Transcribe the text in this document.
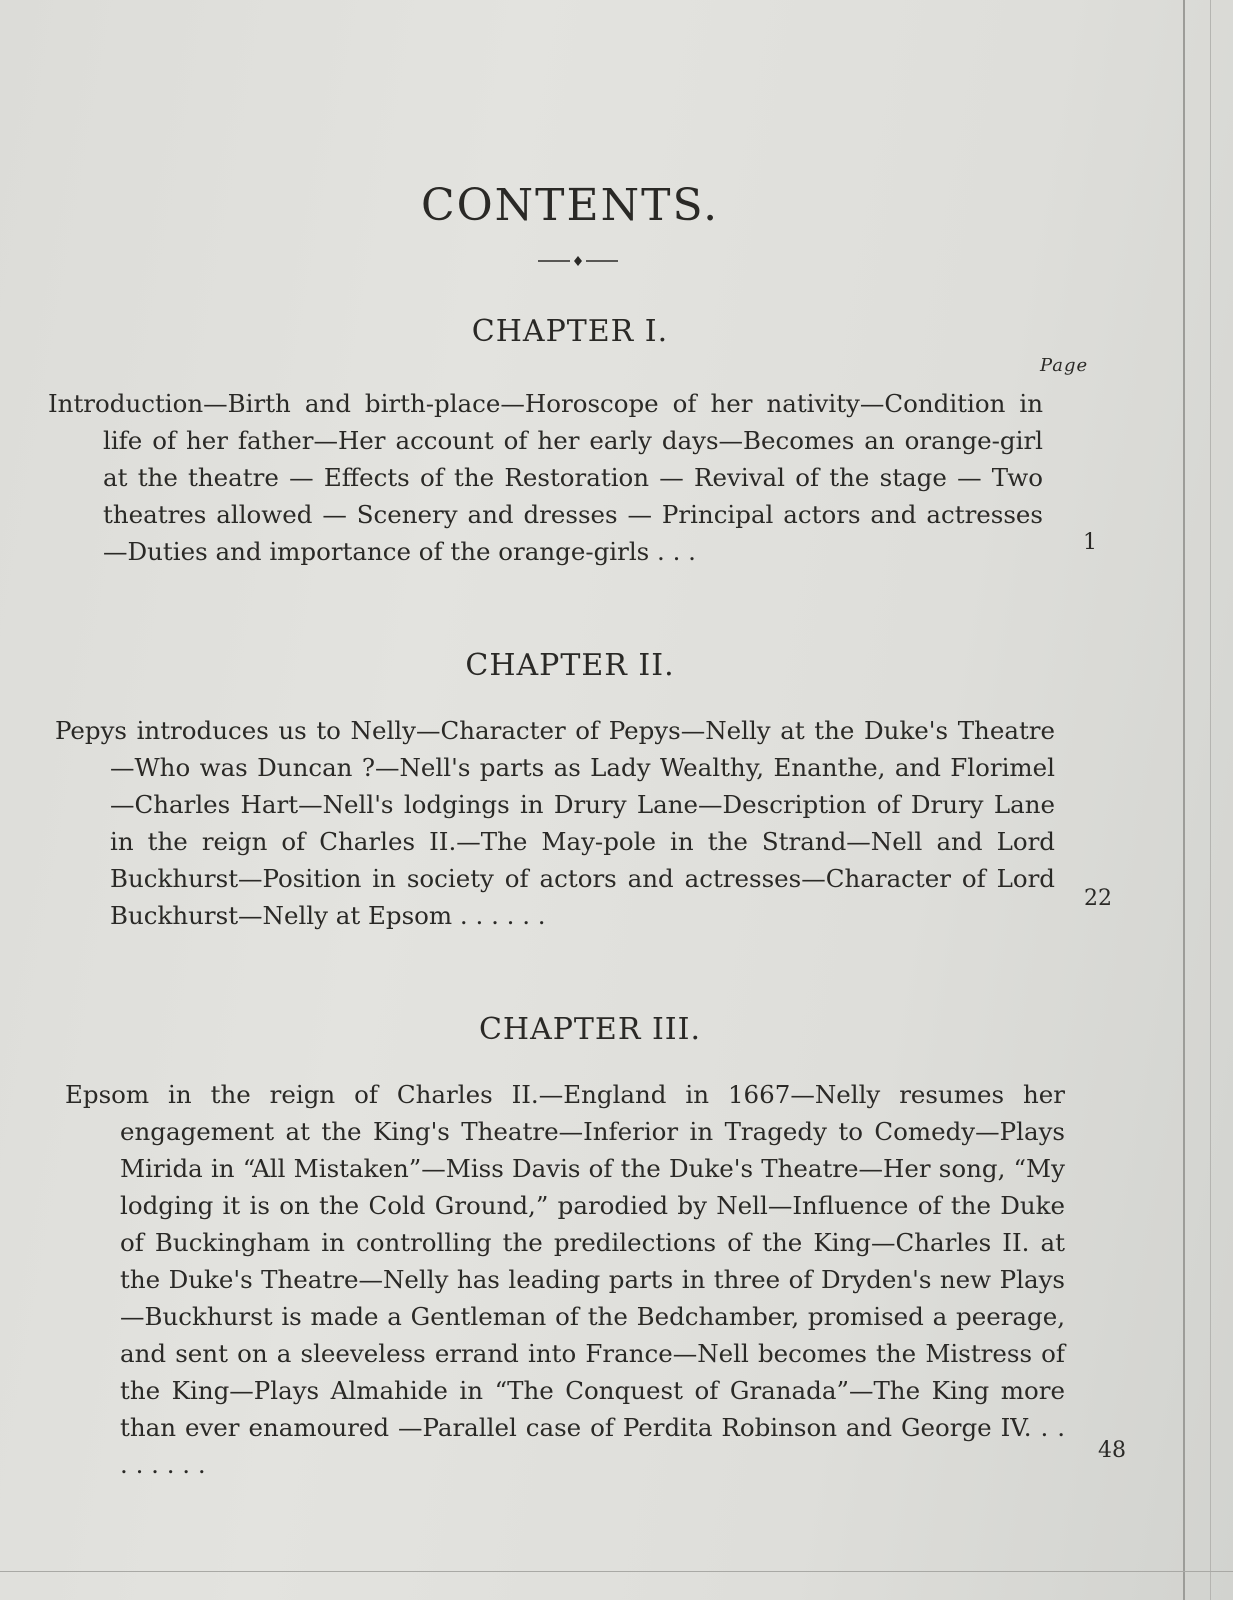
CONTENTS.
CHAPTER I.
Page

Introduction—Birth and birth-place—Horoscope of her nativity—Condition in life of her father—Her account of her early days—Becomes an orange-girl at the theatre — Effects of the Restoration — Revival of the stage — Two theatres allowed — Scenery and dresses — Principal actors and actresses—Duties and importance of the orange-girls . . .	1
CHAPTER II.

Pepys introduces us to Nelly—Character of Pepys—Nelly at the Duke's Theatre—Who was Duncan ?—Nell's parts as Lady Wealthy, Enanthe, and Florimel—Charles Hart—Nell's lodgings in Drury Lane—Description of Drury Lane in the reign of Charles II.—The May-pole in the Strand—Nell and Lord Buckhurst—Position in society of actors and actresses—Character of Lord Buckhurst—Nelly at Epsom . . . . . .

22
CHAPTER III.

Epsom in the reign of Charles II.—England in 1667—Nelly resumes her engagement at the King's Theatre—Inferior in Tragedy to Comedy—Plays Mirida in “All Mistaken”—Miss Davis of the Duke's Theatre—Her song, “My lodging it is on the Cold Ground,” parodied by Nell—Influence of the Duke of Buckingham in controlling the predilections of the King—Charles II. at the Duke's Theatre—Nelly has leading parts in three of Dryden's new Plays—Buckhurst is made a Gentleman of the Bedchamber, promised a peerage, and sent on a sleeveless errand into France—Nell becomes the Mistress of the King—Plays Almahide in “The Conquest of Granada”—The King more than ever enamoured —Parallel case of Perdita Robinson and George IV. . . . . . . . .	48
